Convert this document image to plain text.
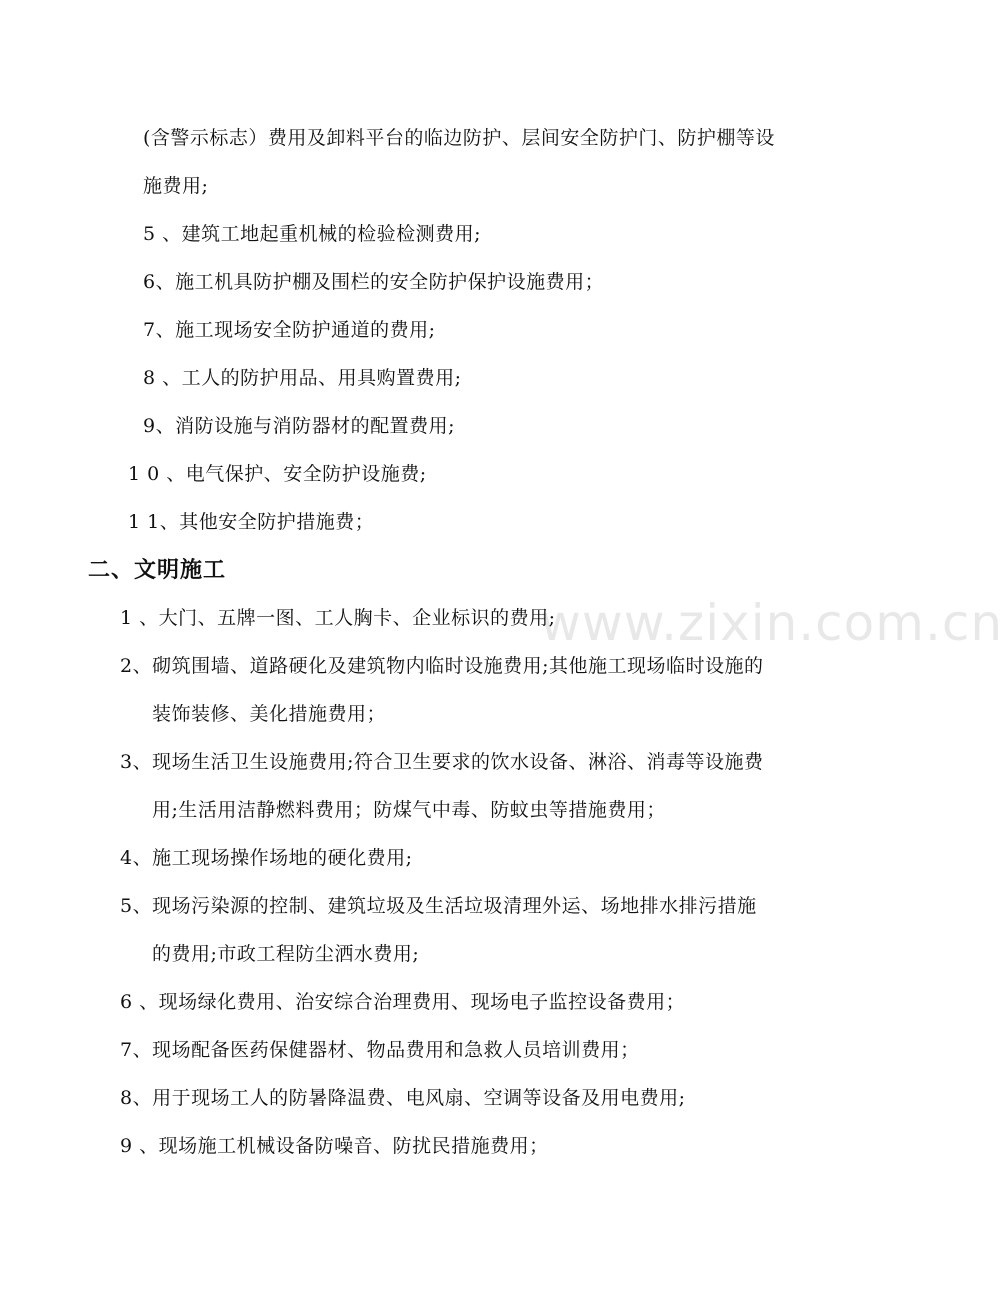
(含警示标志）费用及卸料平台的临边防护、层间安全防护门、防护棚等设
施费用;
5 、建筑工地起重机械的检验检测费用;
6、施工机具防护棚及围栏的安全防护保护设施费用；
7、施工现场安全防护通道的费用;
8 、工人的防护用品、用具购置费用;
9、消防设施与消防器材的配置费用;
1 0 、电气保护、安全防护设施费;
1 1、其他安全防护措施费；
二、文明施工
www.zixin.com.cn
1 、大门、五牌一图、工人胸卡、企业标识的费用;
2、砌筑围墙、道路硬化及建筑物内临时设施费用;其他施工现场临时设施的
装饰装修、美化措施费用；
3、现场生活卫生设施费用;符合卫生要求的饮水设备、淋浴、消毒等设施费
用;生活用洁静燃料费用；防煤气中毒、防蚊虫等措施费用；
4、施工现场操作场地的硬化费用;
5、现场污染源的控制、建筑垃圾及生活垃圾清理外运、场地排水排污措施
的费用;市政工程防尘洒水费用;
6 、现场绿化费用、治安综合治理费用、现场电子监控设备费用；
7、现场配备医药保健器材、物品费用和急救人员培训费用；
8、用于现场工人的防暑降温费、电风扇、空调等设备及用电费用;
9 、现场施工机械设备防噪音、防扰民措施费用；
